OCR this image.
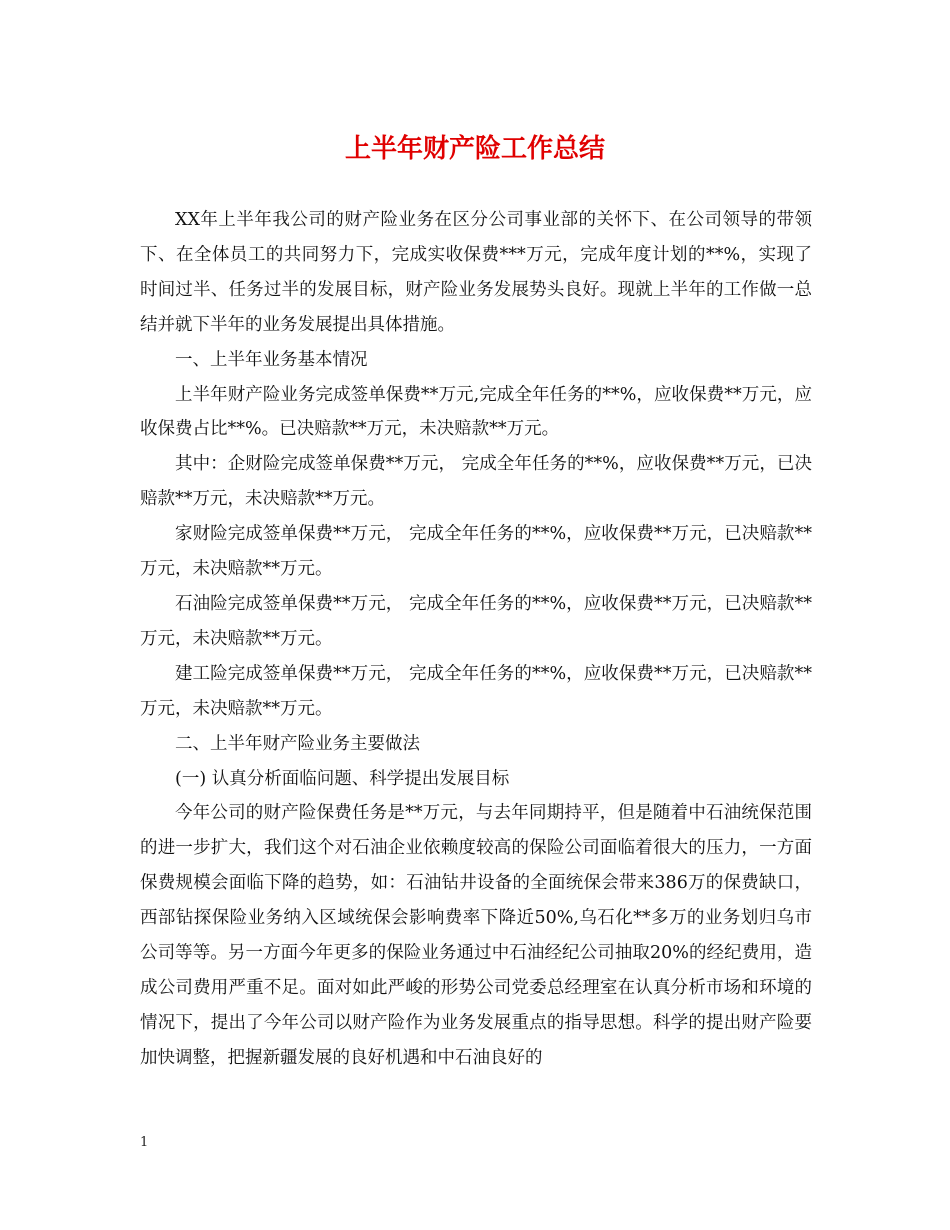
上半年财产险工作总结

XX年上半年我公司的财产险业务在区分公司事业部的关怀下、在公司领导的带领下、在全体员工的共同努力下，完成实收保费***万元，完成年度计划的**%，实现了时间过半、任务过半的发展目标，财产险业务发展势头良好。现就上半年的工作做一总结并就下半年的业务发展提出具体措施。

一、上半年业务基本情况

上半年财产险业务完成签单保费**万元,完成全年任务的**%，应收保费**万元，应收保费占比**%。已决赔款**万元，未决赔款**万元。

其中：企财险完成签单保费**万元， 完成全年任务的**%，应收保费**万元，已决赔款**万元，未决赔款**万元。

家财险完成签单保费**万元， 完成全年任务的**%，应收保费**万元，已决赔款**万元，未决赔款**万元。

石油险完成签单保费**万元， 完成全年任务的**%，应收保费**万元，已决赔款**万元，未决赔款**万元。

建工险完成签单保费**万元， 完成全年任务的**%，应收保费**万元，已决赔款**万元，未决赔款**万元。

二、上半年财产险业务主要做法

(一) 认真分析面临问题、科学提出发展目标

今年公司的财产险保费任务是**万元，与去年同期持平，但是随着中石油统保范围的进一步扩大，我们这个对石油企业依赖度较高的保险公司面临着很大的压力，一方面保费规模会面临下降的趋势，如：石油钻井设备的全面统保会带来386万的保费缺口，西部钻探保险业务纳入区域统保会影响费率下降近50%,乌石化**多万的业务划归乌市公司等等。另一方面今年更多的保险业务通过中石油经纪公司抽取20%的经纪费用，造成公司费用严重不足。面对如此严峻的形势公司党委总经理室在认真分析市场和环境的情况下，提出了今年公司以财产险作为业务发展重点的指导思想。科学的提出财产险要加快调整，把握新疆发展的良好机遇和中石油良好的

1
